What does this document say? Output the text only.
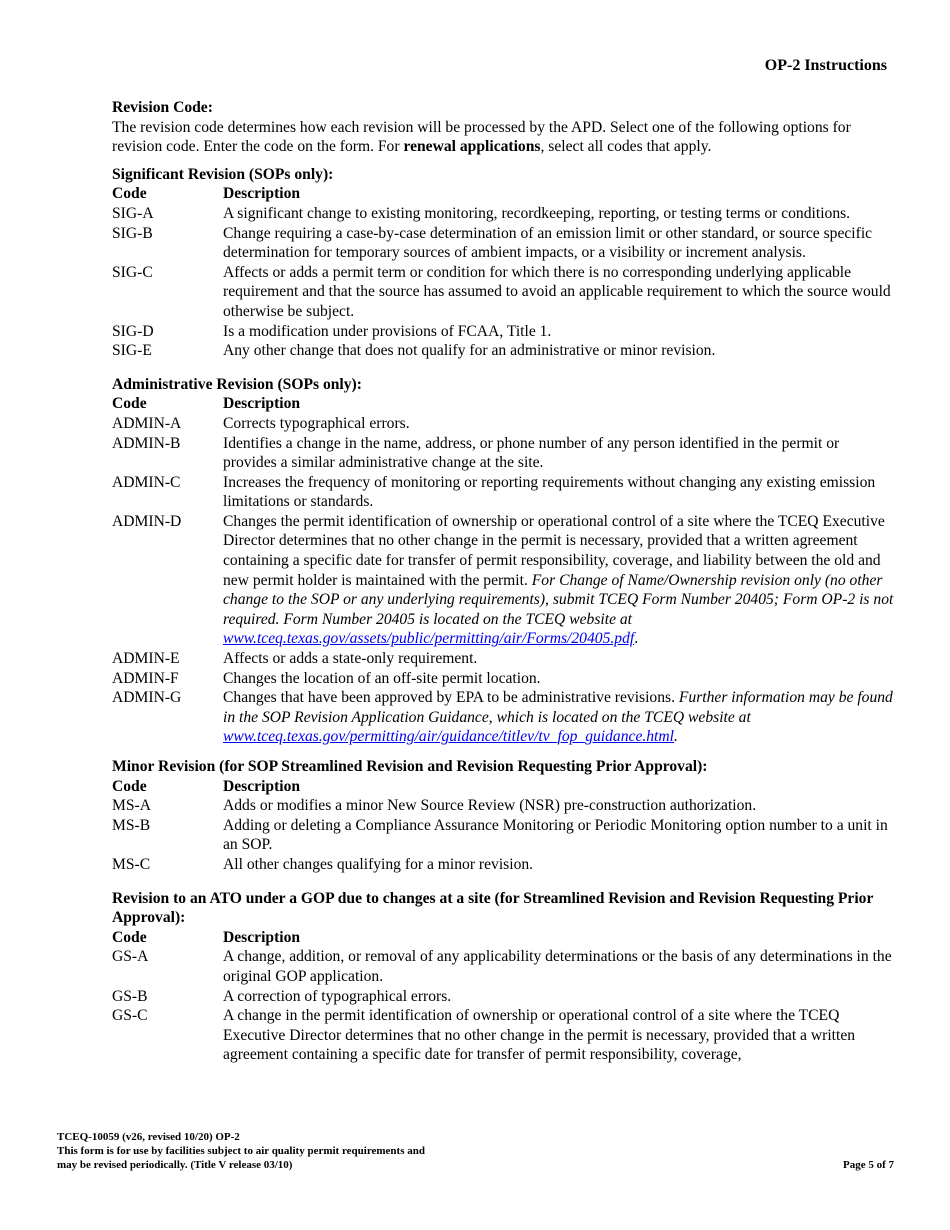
OP-2 Instructions
Revision Code:

The revision code determines how each revision will be processed by the APD. Select one of the following options for revision code. Enter the code on the form. For renewal applications, select all codes that apply.

Significant Revision (SOPs only):
Code	Description
SIG-A	A significant change to existing monitoring, recordkeeping, reporting, or testing terms or conditions.
SIG-B	Change requiring a case-by-case determination of an emission limit or other standard, or source specific determination for temporary sources of ambient impacts, or a visibility or increment analysis.
SIG-C	Affects or adds a permit term or condition for which there is no corresponding underlying applicable requirement and that the source has assumed to avoid an applicable requirement to which the source would otherwise be subject.
SIG-D	Is a modification under provisions of FCAA, Title 1.
SIG-E	Any other change that does not qualify for an administrative or minor revision.
Administrative Revision (SOPs only):
Code	Description
ADMIN-A	Corrects typographical errors.
ADMIN-B	Identifies a change in the name, address, or phone number of any person identified in the permit or provides a similar administrative change at the site.
ADMIN-C	Increases the frequency of monitoring or reporting requirements without changing any existing emission limitations or standards.
ADMIN-D	Changes the permit identification of ownership or operational control of a site where the TCEQ Executive Director determines that no other change in the permit is necessary, provided that a written agreement containing a specific date for transfer of permit responsibility, coverage, and liability between the old and new permit holder is maintained with the permit. For Change of Name/Ownership revision only (no other change to the SOP or any underlying requirements), submit TCEQ Form Number 20405; Form OP-2 is not required. Form Number 20405 is located on the TCEQ website at www.tceq.texas.gov/assets/public/permitting/air/Forms/20405.pdf.
ADMIN-E	Affects or adds a state-only requirement.
ADMIN-F	Changes the location of an off-site permit location.
ADMIN-G	Changes that have been approved by EPA to be administrative revisions. Further information may be found in the SOP Revision Application Guidance, which is located on the TCEQ website at www.tceq.texas.gov/permitting/air/guidance/titlev/tv_fop_guidance.html.
Minor Revision (for SOP Streamlined Revision and Revision Requesting Prior Approval):
Code	Description
MS-A	Adds or modifies a minor New Source Review (NSR) pre-construction authorization.
MS-B	Adding or deleting a Compliance Assurance Monitoring or Periodic Monitoring option number to a unit in an SOP.
MS-C	All other changes qualifying for a minor revision.
Revision to an ATO under a GOP due to changes at a site (for Streamlined Revision and Revision Requesting Prior Approval):
Code	Description
GS-A	A change, addition, or removal of any applicability determinations or the basis of any determinations in the original GOP application.
GS-B	A correction of typographical errors.
GS-C	A change in the permit identification of ownership or operational control of a site where the TCEQ Executive Director determines that no other change in the permit is necessary, provided that a written agreement containing a specific date for transfer of permit responsibility, coverage,
TCEQ-10059 (v26, revised 10/20) OP-2
This form is for use by facilities subject to air quality permit requirements and
may be revised periodically. (Title V release 03/10)	Page 5 of 7
